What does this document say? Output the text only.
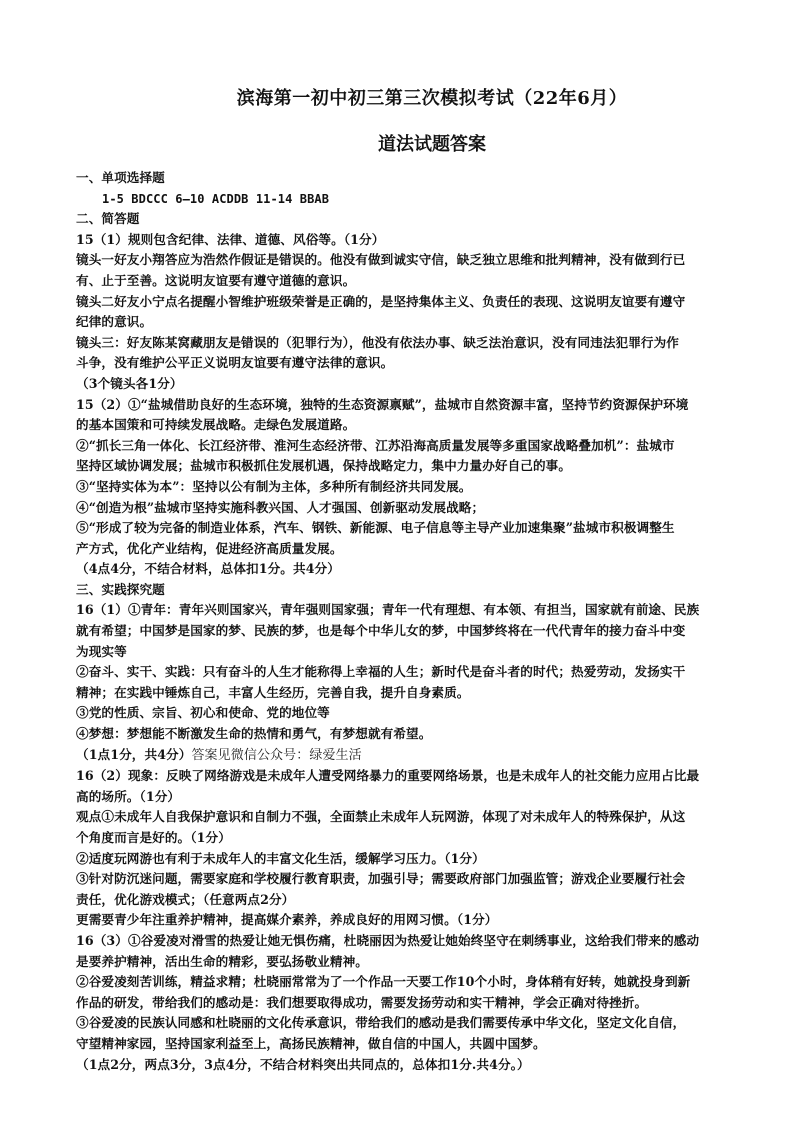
滨海第一初中初三第三次模拟考试（22年6月）
道法试题答案
一、单项选择题
1-5 BDCCC 6—10 ACDDB 11-14 BBAB
二、简答题
15（1）规则包含纪律、法律、道德、风俗等。（1分）
镜头一好友小翔答应为浩然作假证是错误的。他没有做到诚实守信，缺乏独立思维和批判精神，没有做到行已
有、止于至善。这说明友谊要有遵守道德的意识。
镜头二好友小宁点名提醒小智维护班级荣誉是正确的，是坚持集体主义、负责任的表现、这说明友谊要有遵守
纪律的意识。
镜头三：好友陈某窝藏朋友是错误的（犯罪行为），他没有依法办事、缺乏法治意识，没有同违法犯罪行为作
斗争，没有维护公平正义说明友谊要有遵守法律的意识。
（3个镜头各1分）
15（2）①“盐城借助良好的生态环境，独特的生态资源禀赋”，盐城市自然资源丰富，坚持节约资源保护环境
的基本国策和可持续发展战略。走绿色发展道路。
②“抓长三角一体化、长江经济带、淮河生态经济带、江苏沿海高质量发展等多重国家战略叠加机”：盐城市
坚持区域协调发展；盐城市积极抓住发展机遇，保持战略定力，集中力量办好自己的事。
③“坚持实体为本”：坚持以公有制为主体，多种所有制经济共同发展。
④“创造为根”盐城市坚持实施科教兴国、人才强国、创新驱动发展战略；
⑤“形成了较为完备的制造业体系，汽车、钢铁、新能源、电子信息等主导产业加速集聚”盐城市积极调整生
产方式，优化产业结构，促进经济高质量发展。
（4点4分，不结合材料，总体扣1分。共4分）
三、实践探究题
16（1）①青年：青年兴则国家兴，青年强则国家强；青年一代有理想、有本领、有担当，国家就有前途、民族
就有希望；中国梦是国家的梦、民族的梦，也是每个中华儿女的梦，中国梦终将在一代代青年的接力奋斗中变
为现实等
②奋斗、实干、实践：只有奋斗的人生才能称得上幸福的人生；新时代是奋斗者的时代；热爱劳动，发扬实干
精神；在实践中锤炼自己，丰富人生经历，完善自我，提升自身素质。
③党的性质、宗旨、初心和使命、党的地位等
④梦想：梦想能不断激发生命的热情和勇气，有梦想就有希望。
（1点1分，共4分）答案见微信公众号：绿爱生活
16（2）现象：反映了网络游戏是未成年人遭受网络暴力的重要网络场景，也是未成年人的社交能力应用占比最
高的场所。（1分）
观点①未成年人自我保护意识和自制力不强，全面禁止未成年人玩网游，体现了对未成年人的特殊保护，从这
个角度而言是好的。（1分）
②适度玩网游也有利于未成年人的丰富文化生活，缓解学习压力。（1分）
③针对防沉迷问题，需要家庭和学校履行教育职责，加强引导；需要政府部门加强监管；游戏企业要履行社会
责任，优化游戏模式；（任意两点2分）
更需要青少年注重养护精神，提高媒介素养，养成良好的用网习惯。（1分）
16（3）①谷爱凌对滑雪的热爱让她无惧伤痛，杜晓丽因为热爱让她始终坚守在刺绣事业，这给我们带来的感动
是要养护精神，活出生命的精彩，要弘扬敬业精神。
②谷爱凌刻苦训练，精益求精；杜晓丽常常为了一个作品一天要工作10个小时，身体稍有好转，她就投身到新
作品的研发，带给我们的感动是：我们想要取得成功，需要发扬劳动和实干精神，学会正确对待挫折。
③谷爱凌的民族认同感和杜晓丽的文化传承意识，带给我们的感动是我们需要传承中华文化，坚定文化自信，
守望精神家园，坚持国家利益至上，高扬民族精神，做自信的中国人，共圆中国梦。
（1点2分，两点3分，3点4分，不结合材料突出共同点的，总体扣1分.共4分。）
